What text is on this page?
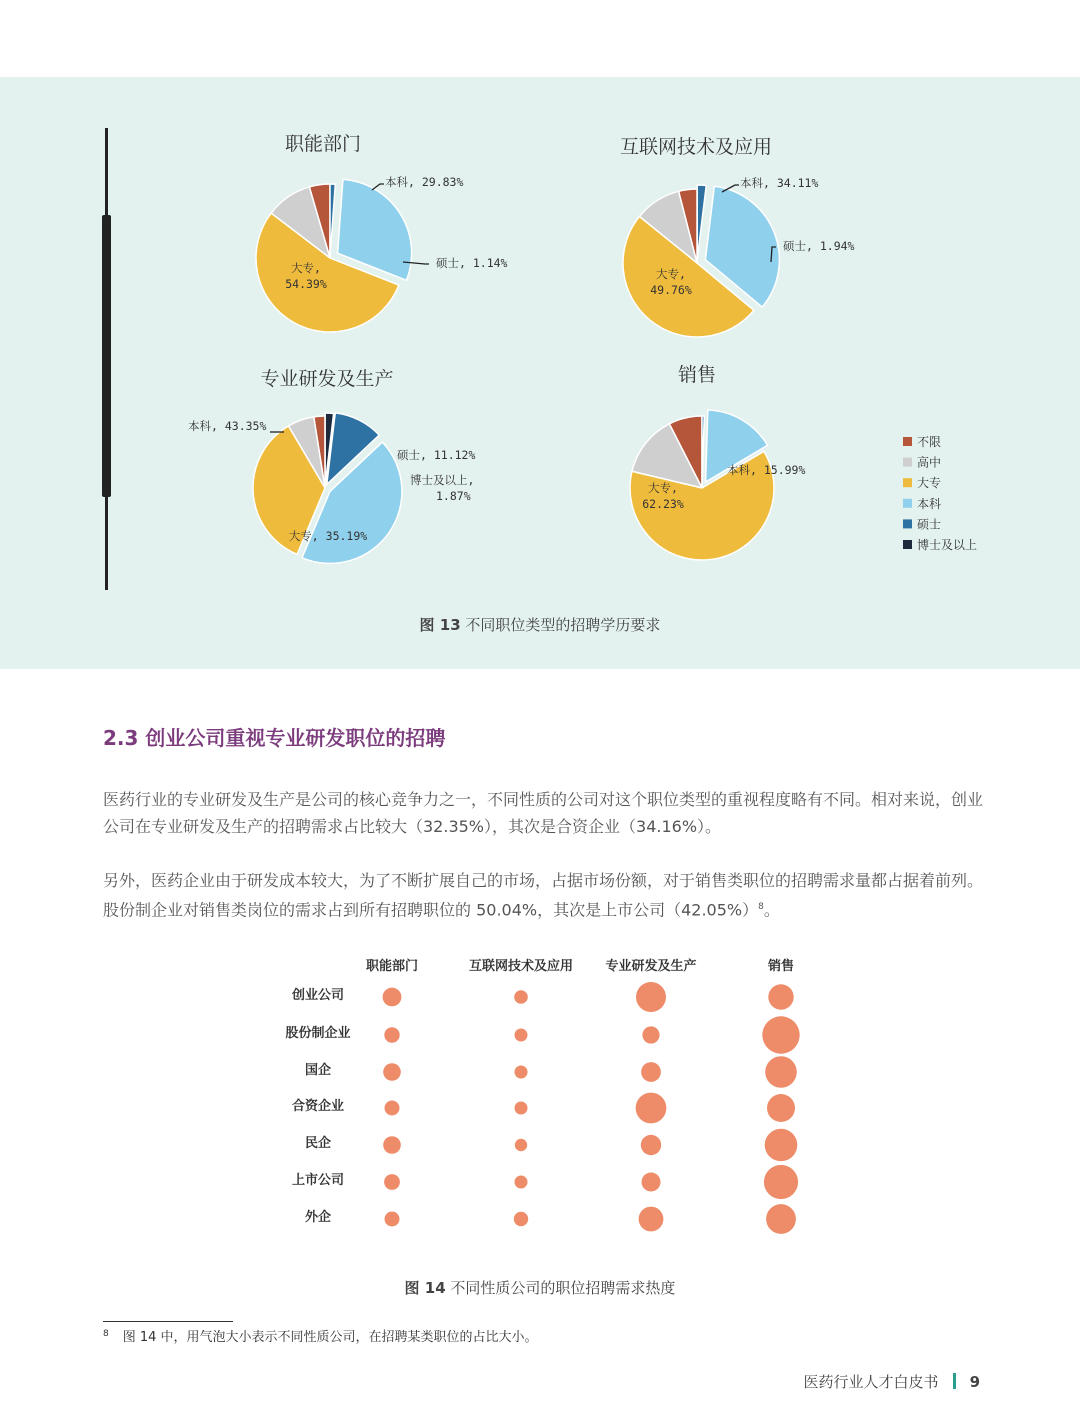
职能部门
本科, 29.83%
硕士, 1.14%
大专,
54.39%
互联网技术及应用
本科, 34.11%
硕士, 1.94%
大专,
49.76%
专业研发及生产
本科, 43.35%
硕士, 11.12%
博士及以上,
1.87%
大专, 35.19%
销售
本科, 15.99%
大专,
62.23%
不限
高中
大专
本科
硕士
博士及以上
图 13 不同职位类型的招聘学历要求
2.3 创业公司重视专业研发职位的招聘
医药行业的专业研发及生产是公司的核心竞争力之一，不同性质的公司对这个职位类型的重视程度略有不同。相对来说，创业公司在专业研发及生产的招聘需求占比较大（32.35%），其次是合资企业（34.16%）。
另外，医药企业由于研发成本较大，为了不断扩展自己的市场，占据市场份额，对于销售类职位的招聘需求量都占据着前列。股份制企业对销售类岗位的需求占到所有招聘职位的 50.04%，其次是上市公司$(42.05\%)^8$。
职能部门	互联网技术及应用 专业研发及生产	销售
创业公司
股份制企业
国企
合资企业
民企
上市公司
外企
图 14 不同性质公司的职位招聘需求热度
$^8$ 图 14 中，用气泡大小表示不同性质公司，在招聘某类职位的占比大小。
医药行业人才白皮书 9
